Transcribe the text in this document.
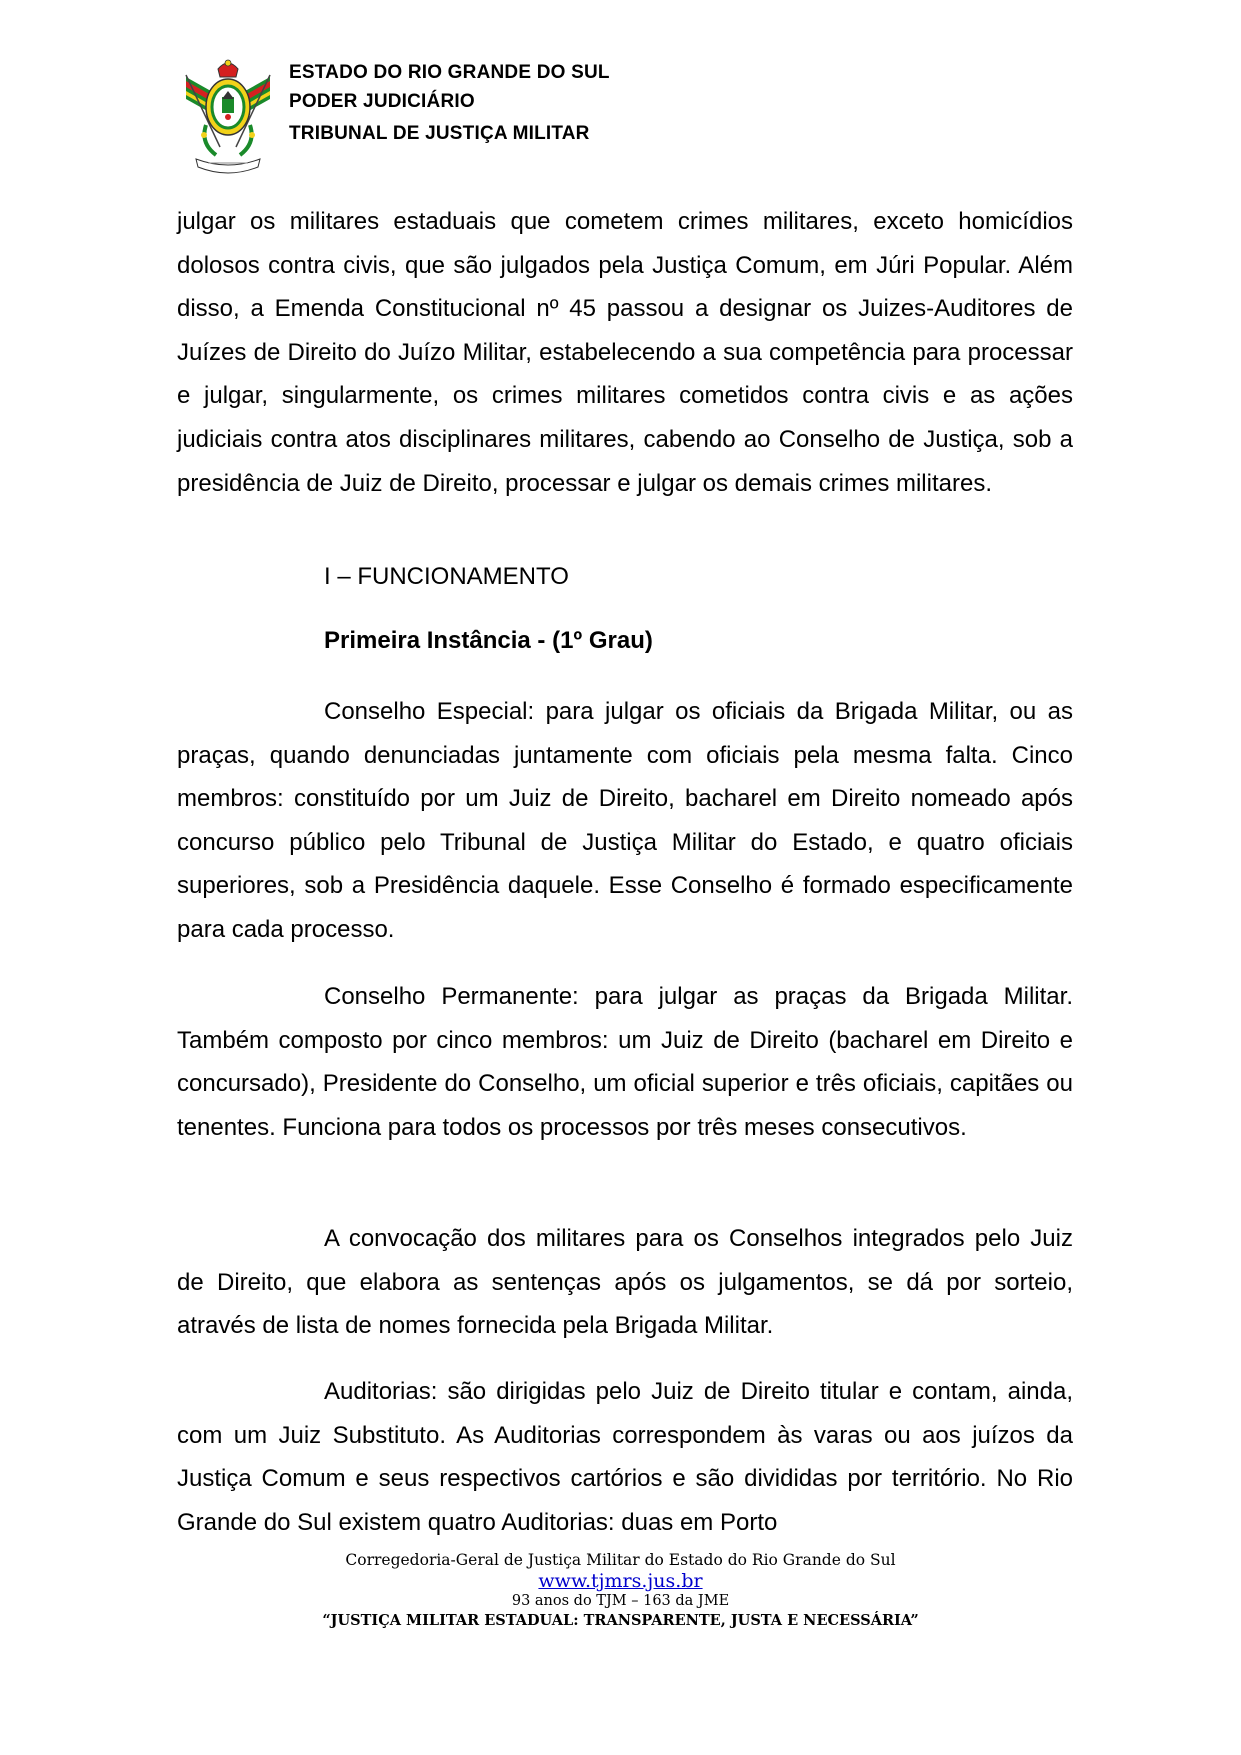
ESTADO DO RIO GRANDE DO SUL
PODER JUDICIÁRIO
TRIBUNAL DE JUSTIÇA MILITAR

julgar os militares estaduais que cometem crimes militares, exceto homicídios dolosos contra civis, que são julgados pela Justiça Comum, em Júri Popular. Além disso, a Emenda Constitucional nº 45 passou a designar os Juizes-Auditores de Juízes de Direito do Juízo Militar, estabelecendo a sua competência para processar e julgar, singularmente, os crimes militares cometidos contra civis e as ações judiciais contra atos disciplinares militares, cabendo ao Conselho de Justiça, sob a presidência de Juiz de Direito, processar e julgar os demais crimes militares.

I – FUNCIONAMENTO
Primeira Instância - (1º Grau)

Conselho Especial: para julgar os oficiais da Brigada Militar, ou as praças, quando denunciadas juntamente com oficiais pela mesma falta. Cinco membros: constituído por um Juiz de Direito, bacharel em Direito nomeado após concurso público pelo Tribunal de Justiça Militar do Estado, e quatro oficiais superiores, sob a Presidência daquele. Esse Conselho é formado especificamente para cada processo.

Conselho Permanente: para julgar as praças da Brigada Militar. Também composto por cinco membros: um Juiz de Direito (bacharel em Direito e concursado), Presidente do Conselho, um oficial superior e três oficiais, capitães ou tenentes. Funciona para todos os processos por três meses consecutivos.

A convocação dos militares para os Conselhos integrados pelo Juiz de Direito, que elabora as sentenças após os julgamentos, se dá por sorteio, através de lista de nomes fornecida pela Brigada Militar.

Auditorias: são dirigidas pelo Juiz de Direito titular e contam, ainda, com um Juiz Substituto. As Auditorias correspondem às varas ou aos juízos da Justiça Comum e seus respectivos cartórios e são divididas por território. No Rio Grande do Sul existem quatro Auditorias: duas em Porto

Corregedoria-Geral de Justiça Militar do Estado do Rio Grande do Sul
www.tjmrs.jus.br
93 anos do TJM – 163 da JME
“JUSTIÇA MILITAR ESTADUAL: TRANSPARENTE, JUSTA E NECESSÁRIA”
